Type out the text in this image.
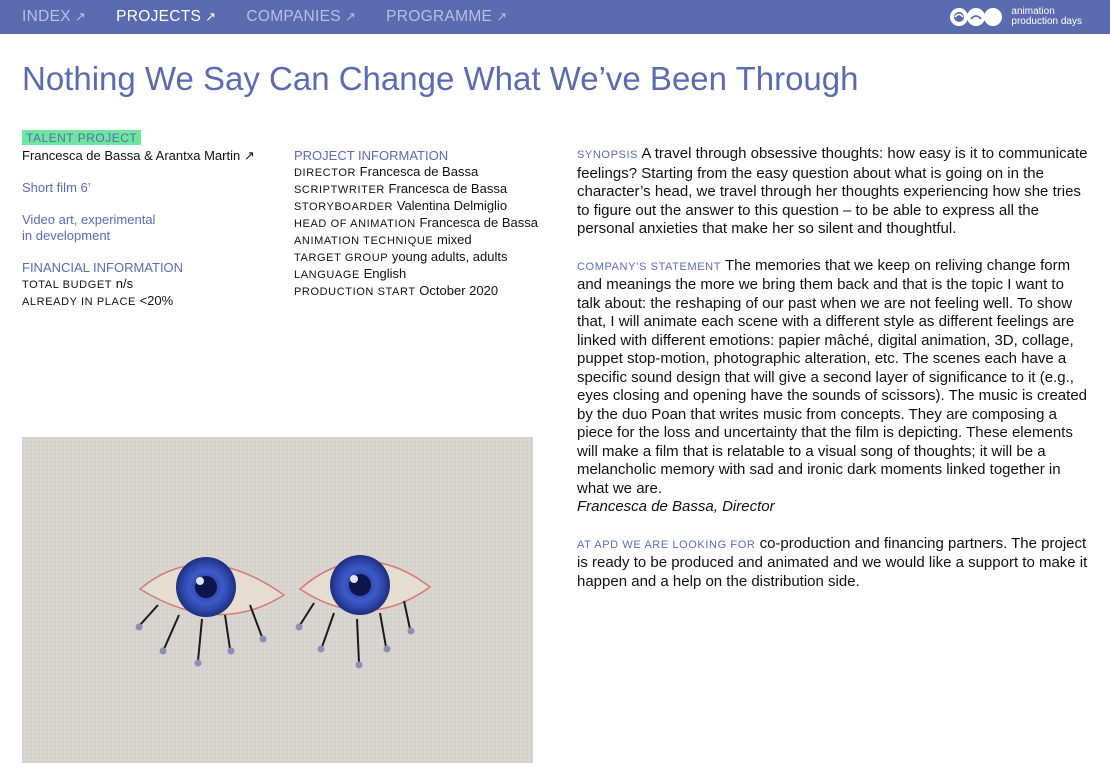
INDEX ↗ PROJECTS ↗ COMPANIES ↗ PROGRAMME ↗	animation
production days
Nothing We Say Can Change What We’ve Been Through
TALENT PROJECT
Francesca de Bassa & Arantxa Martin ↗
Short film 6’
Video art, experimental
in development
FINANCIAL INFORMATION
TOTAL BUDGET n/s
ALREADY IN PLACE <20%
PROJECT INFORMATION
DIRECTOR Francesca de Bassa
SCRIPTWRITER Francesca de Bassa
STORYBOARDER Valentina Delmiglio
HEAD OF ANIMATION Francesca de Bassa
ANIMATION TECHNIQUE mixed
TARGET GROUP young adults, adults
LANGUAGE English
PRODUCTION START October 2020

SYNOPSIS A travel through obsessive thoughts: how easy is it to communicate feelings? Starting from the easy question about what is going on in the character’s head, we travel through her thoughts experiencing how she tries to figure out the answer to this question – to be able to express all the personal anxieties that make her so silent and thoughtful.

COMPANY’S STATEMENT The memories that we keep on reliving change form and meanings the more we bring them back and that is the topic I want to talk about: the reshaping of our past when we are not feeling well. To show that, I will animate each scene with a different style as different feelings are linked with different emotions: papier mâché, digital animation, 3D, collage, puppet stop-motion, photographic alteration, etc. The scenes each have a specific sound design that will give a second layer of significance to it (e.g., eyes closing and opening have the sounds of scissors). The music is created by the duo Poan that writes music from concepts. They are composing a piece for the loss and uncertainty that the film is depicting. These elements will make a film that is relatable to a visual song of thoughts; it will be a melancholic memory with sad and ironic dark moments linked together in what we are.
Francesca de Bassa, Director

AT APD WE ARE LOOKING FOR co-production and financing partners. The project is ready to be produced and animated and we would like a support to make it happen and a help on the distribution side.
